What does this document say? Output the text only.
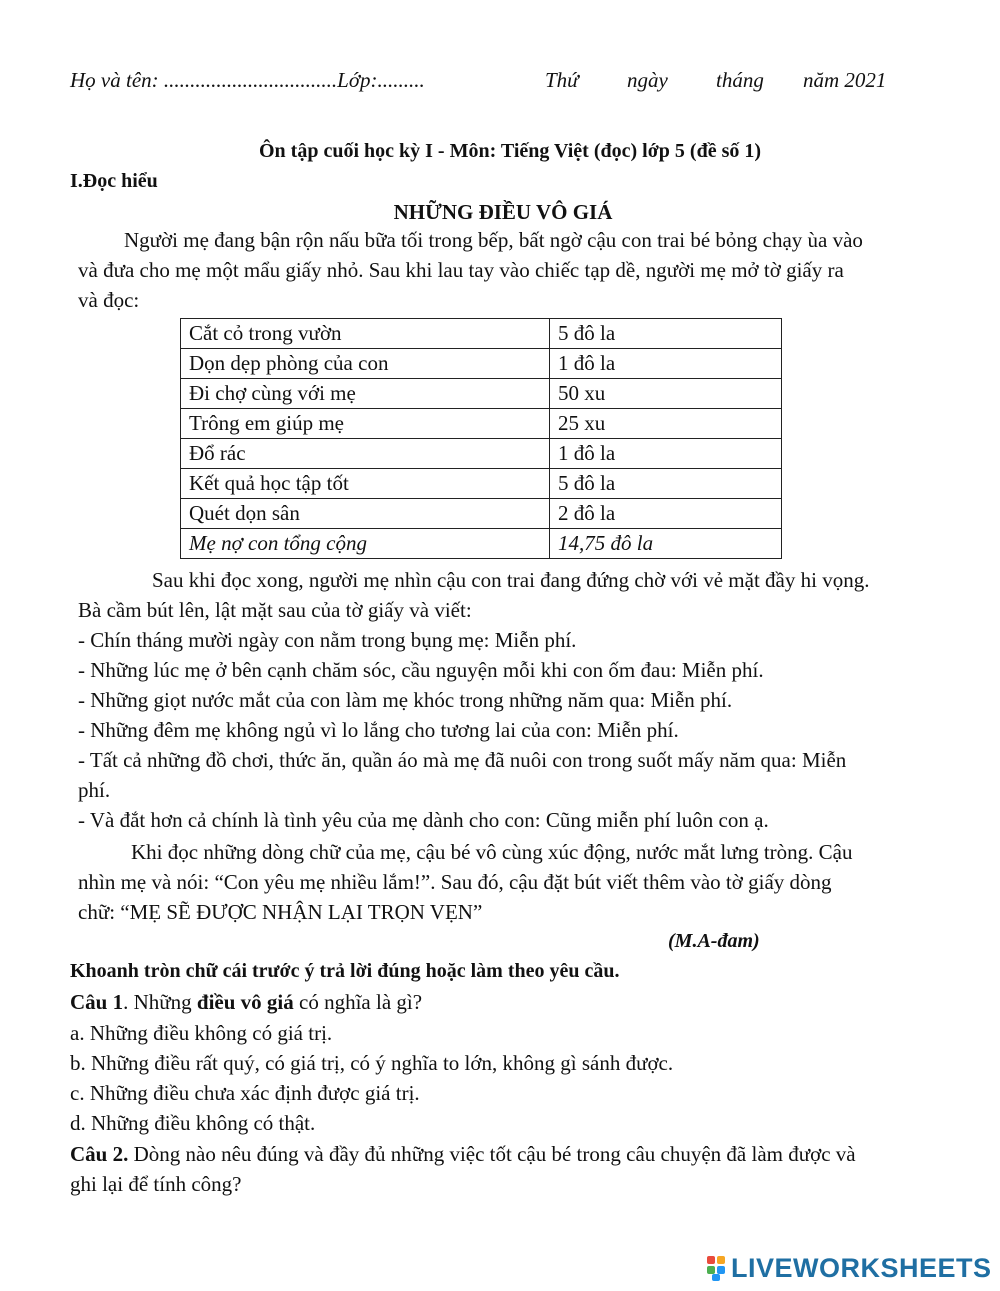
Họ và tên: .................................Lớp:.........	Thứ ngày tháng năm 2021
Ôn tập cuối học kỳ I - Môn: Tiếng Việt (đọc) lớp 5 (đề số 1)
I.Đọc hiểu
NHỮNG ĐIỀU VÔ GIÁ
Người mẹ đang bận rộn nấu bữa tối trong bếp, bất ngờ cậu con trai bé bỏng chạy ùa vào
và đưa cho mẹ một mẩu giấy nhỏ. Sau khi lau tay vào chiếc tạp dề, người mẹ mở tờ giấy ra
và đọc:
Cắt cỏ trong vườn	5 đô la
Dọn dẹp phòng của con	1 đô la
Đi chợ cùng với mẹ	50 xu
Trông em giúp mẹ	25 xu
Đổ rác	1 đô la
Kết quả học tập tốt	5 đô la
Quét dọn sân	2 đô la
Mẹ nợ con tổng cộng	14,75 đô la
Sau khi đọc xong, người mẹ nhìn cậu con trai đang đứng chờ với vẻ mặt đầy hi vọng.
Bà cầm bút lên, lật mặt sau của tờ giấy và viết:
- Chín tháng mười ngày con nằm trong bụng mẹ: Miễn phí.
- Những lúc mẹ ở bên cạnh chăm sóc, cầu nguyện mỗi khi con ốm đau: Miễn phí.
- Những giọt nước mắt của con làm mẹ khóc trong những năm qua: Miễn phí.
- Những đêm mẹ không ngủ vì lo lắng cho tương lai của con: Miễn phí.
- Tất cả những đồ chơi, thức ăn, quần áo mà mẹ đã nuôi con trong suốt mấy năm qua: Miễn
phí.
- Và đắt hơn cả chính là tình yêu của mẹ dành cho con: Cũng miễn phí luôn con ạ.
Khi đọc những dòng chữ của mẹ, cậu bé vô cùng xúc động, nước mắt lưng tròng. Cậu
nhìn mẹ và nói: “Con yêu mẹ nhiều lắm!”. Sau đó, cậu đặt bút viết thêm vào tờ giấy dòng
chữ: “MẸ SẼ ĐƯỢC NHẬN LẠI TRỌN VẸN”
(M.A-đam)
Khoanh tròn chữ cái trước ý trả lời đúng hoặc làm theo yêu cầu.
Câu 1. Những điều vô giá có nghĩa là gì?
a. Những điều không có giá trị.
b. Những điều rất quý, có giá trị, có ý nghĩa to lớn, không gì sánh được.
c. Những điều chưa xác định được giá trị.
d. Những điều không có thật.
Câu 2. Dòng nào nêu đúng và đầy đủ những việc tốt cậu bé trong câu chuyện đã làm được và
ghi lại để tính công?
LIVEWORKSHEETS
